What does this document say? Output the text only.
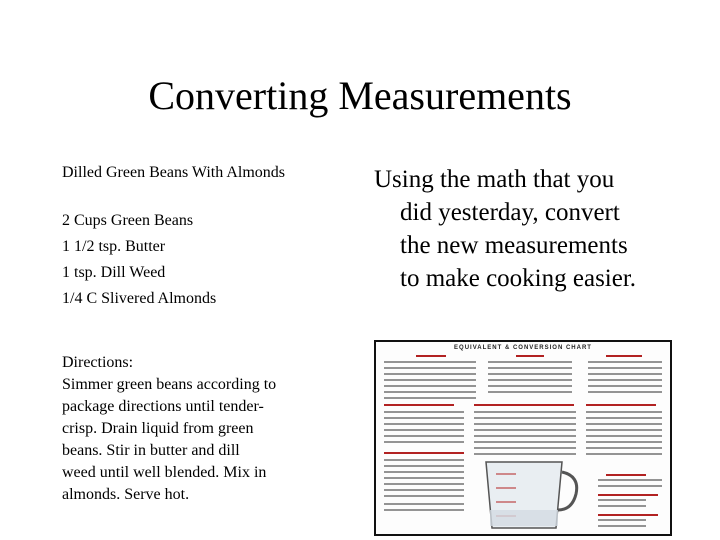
Converting Measurements
Dilled Green Beans With Almonds
2 Cups Green Beans
1 1/2 tsp. Butter
1 tsp. Dill Weed
1/4 C Slivered Almonds
Directions:
Simmer green beans according to
package directions until tender-
crisp. Drain liquid from green
beans. Stir in butter and dill
weed until well blended. Mix in
almonds. Serve hot.
Using the math that you
did yesterday, convert
the new measurements
to make cooking easier.
EQUIVALENT & CONVERSION CHART
